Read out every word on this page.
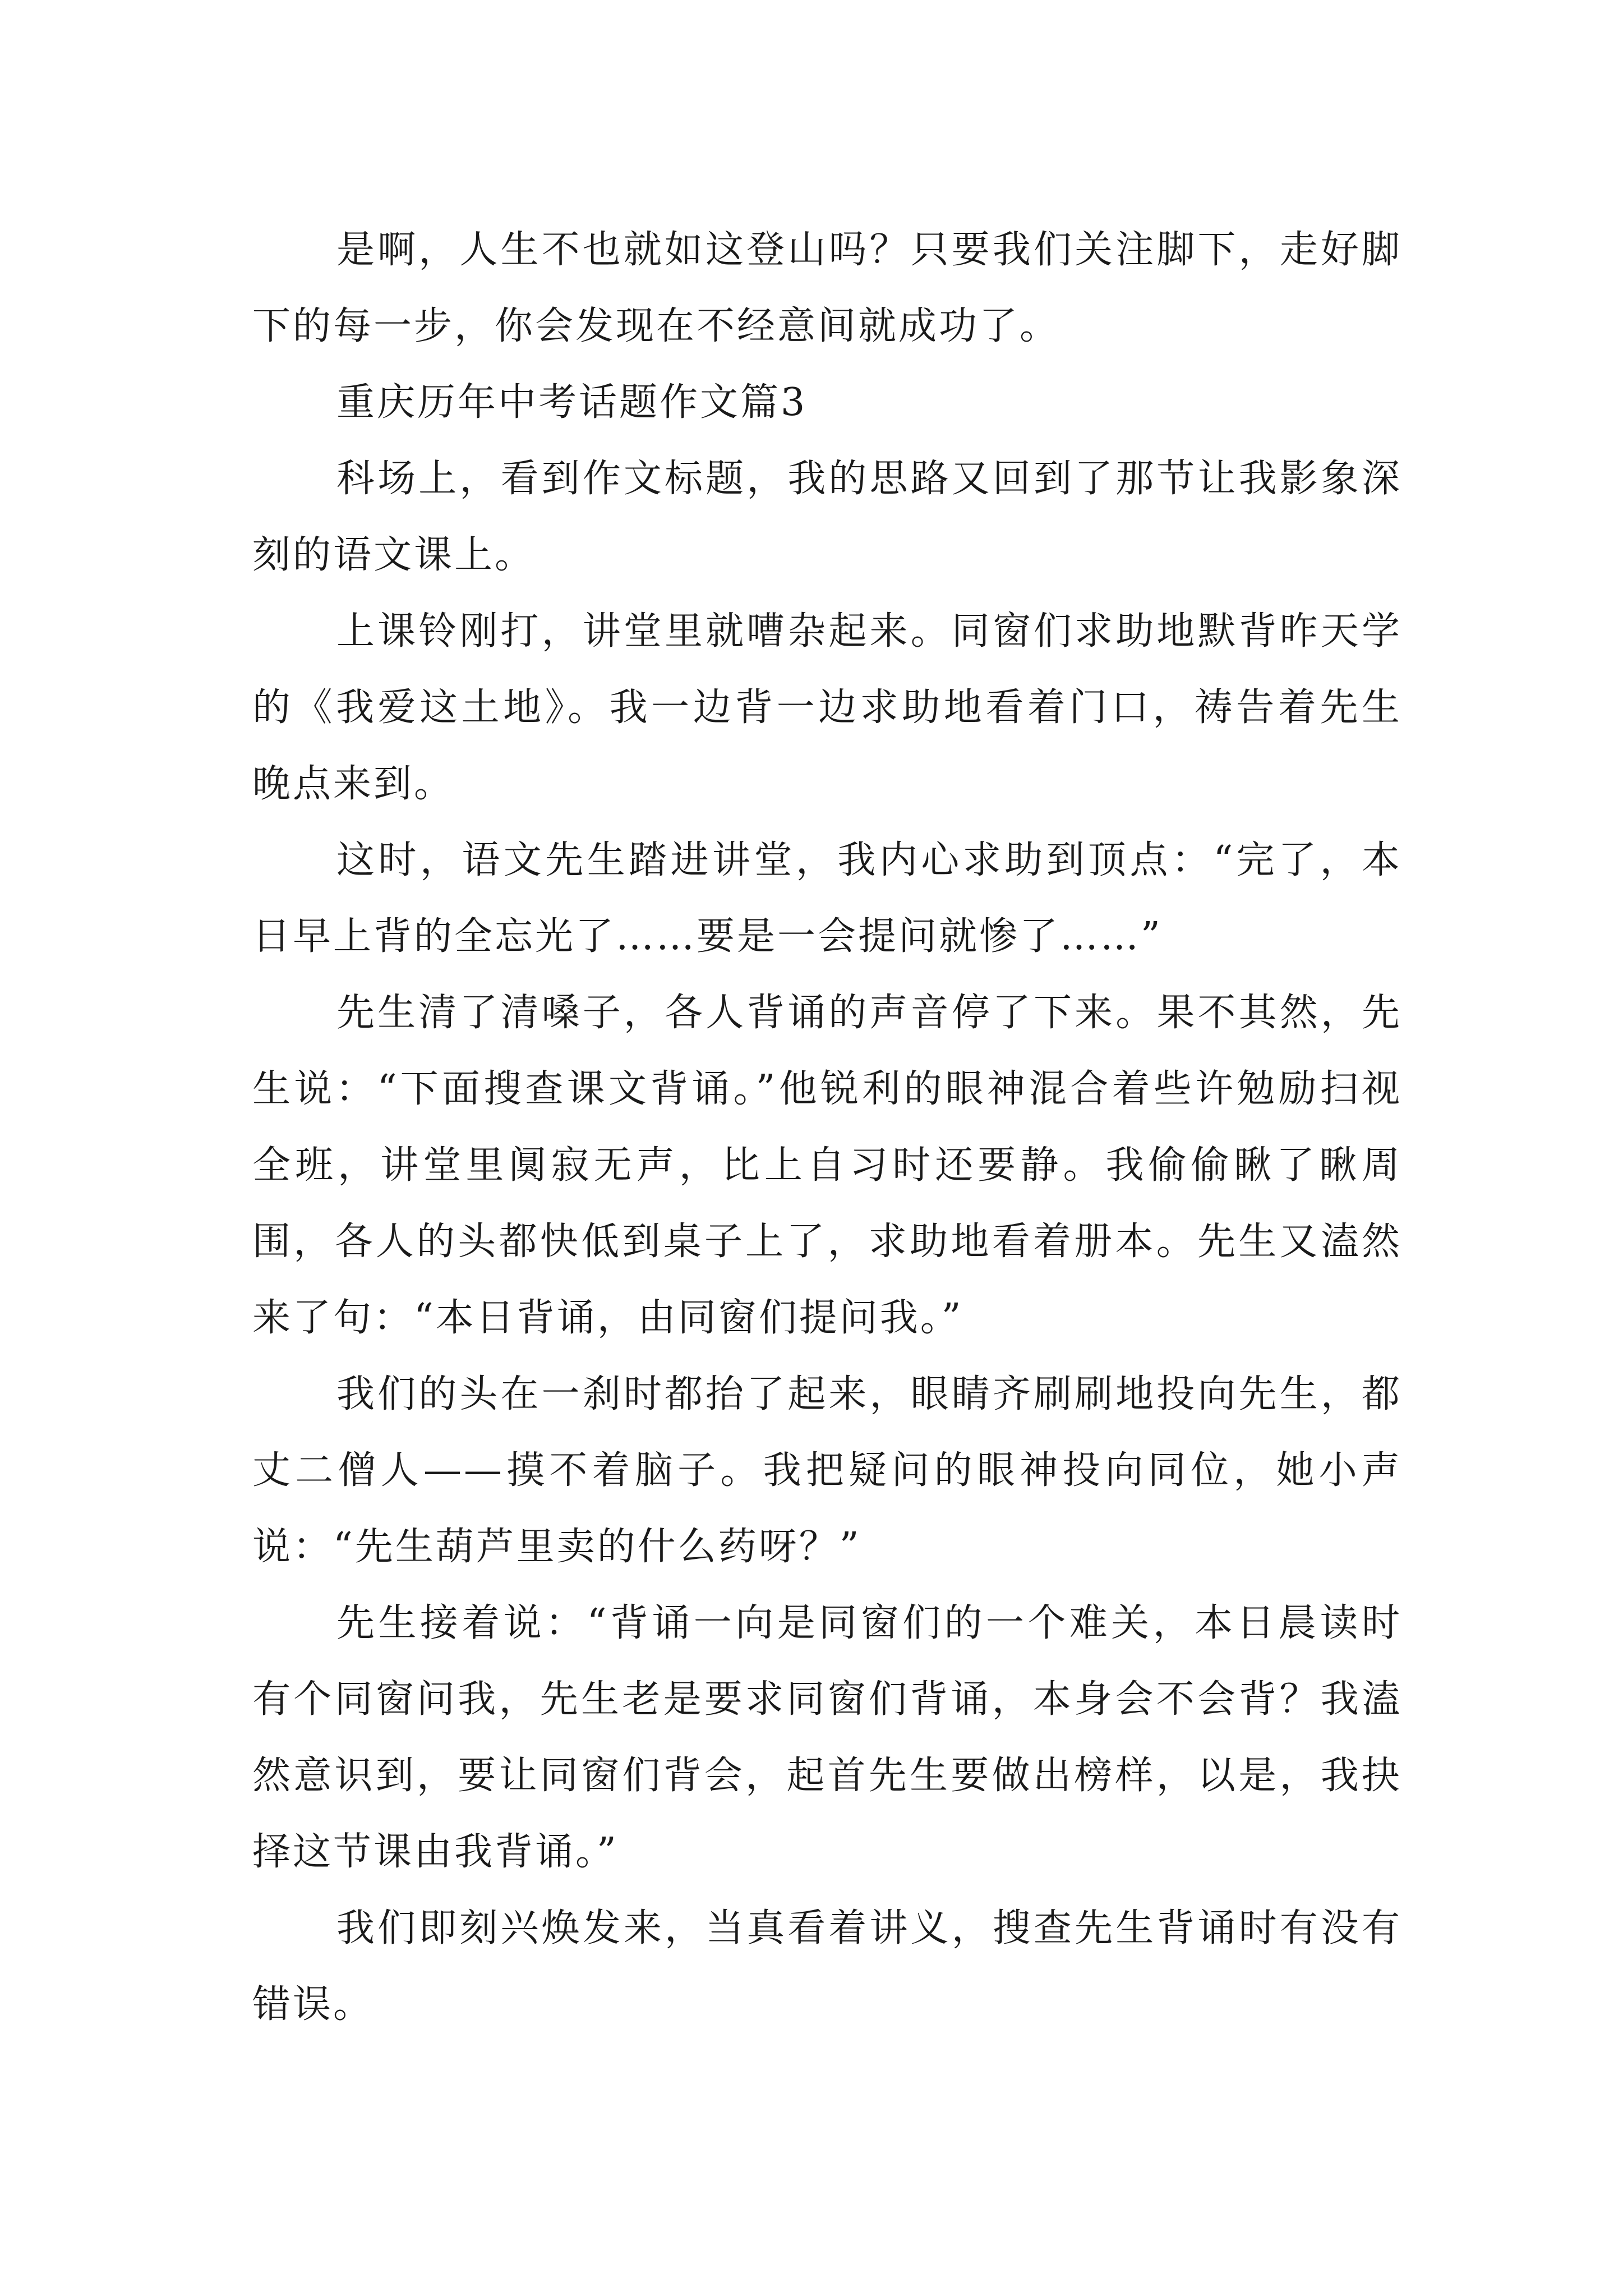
是啊，人生不也就如这登山吗？只要我们关注脚下，走好脚下的每一步，你会发现在不经意间就成功了。

重庆历年中考话题作文篇3

科场上，看到作文标题，我的思路又回到了那节让我影象深刻的语文课上。

上课铃刚打，讲堂里就嘈杂起来。同窗们求助地默背昨天学的《我爱这土地》。我一边背一边求助地看着门口，祷告着先生晚点来到。

这时，语文先生踏进讲堂，我内心求助到顶点：“完了，本日早上背的全忘光了……要是一会提问就惨了……”

先生清了清嗓子，各人背诵的声音停了下来。果不其然，先生说：“下面搜查课文背诵。”他锐利的眼神混合着些许勉励扫视全班，讲堂里阒寂无声，比上自习时还要静。我偷偷瞅了瞅周围，各人的头都快低到桌子上了，求助地看着册本。先生又溘然来了句：“本日背诵，由同窗们提问我。”

我们的头在一刹时都抬了起来，眼睛齐刷刷地投向先生，都丈二僧人——摸不着脑子。我把疑问的眼神投向同位，她小声说：“先生葫芦里卖的什么药呀？”

先生接着说：“背诵一向是同窗们的一个难关，本日晨读时有个同窗问我，先生老是要求同窗们背诵，本身会不会背？我溘然意识到，要让同窗们背会，起首先生要做出榜样，以是，我抉择这节课由我背诵。”

我们即刻兴焕发来，当真看着讲义，搜查先生背诵时有没有错误。
